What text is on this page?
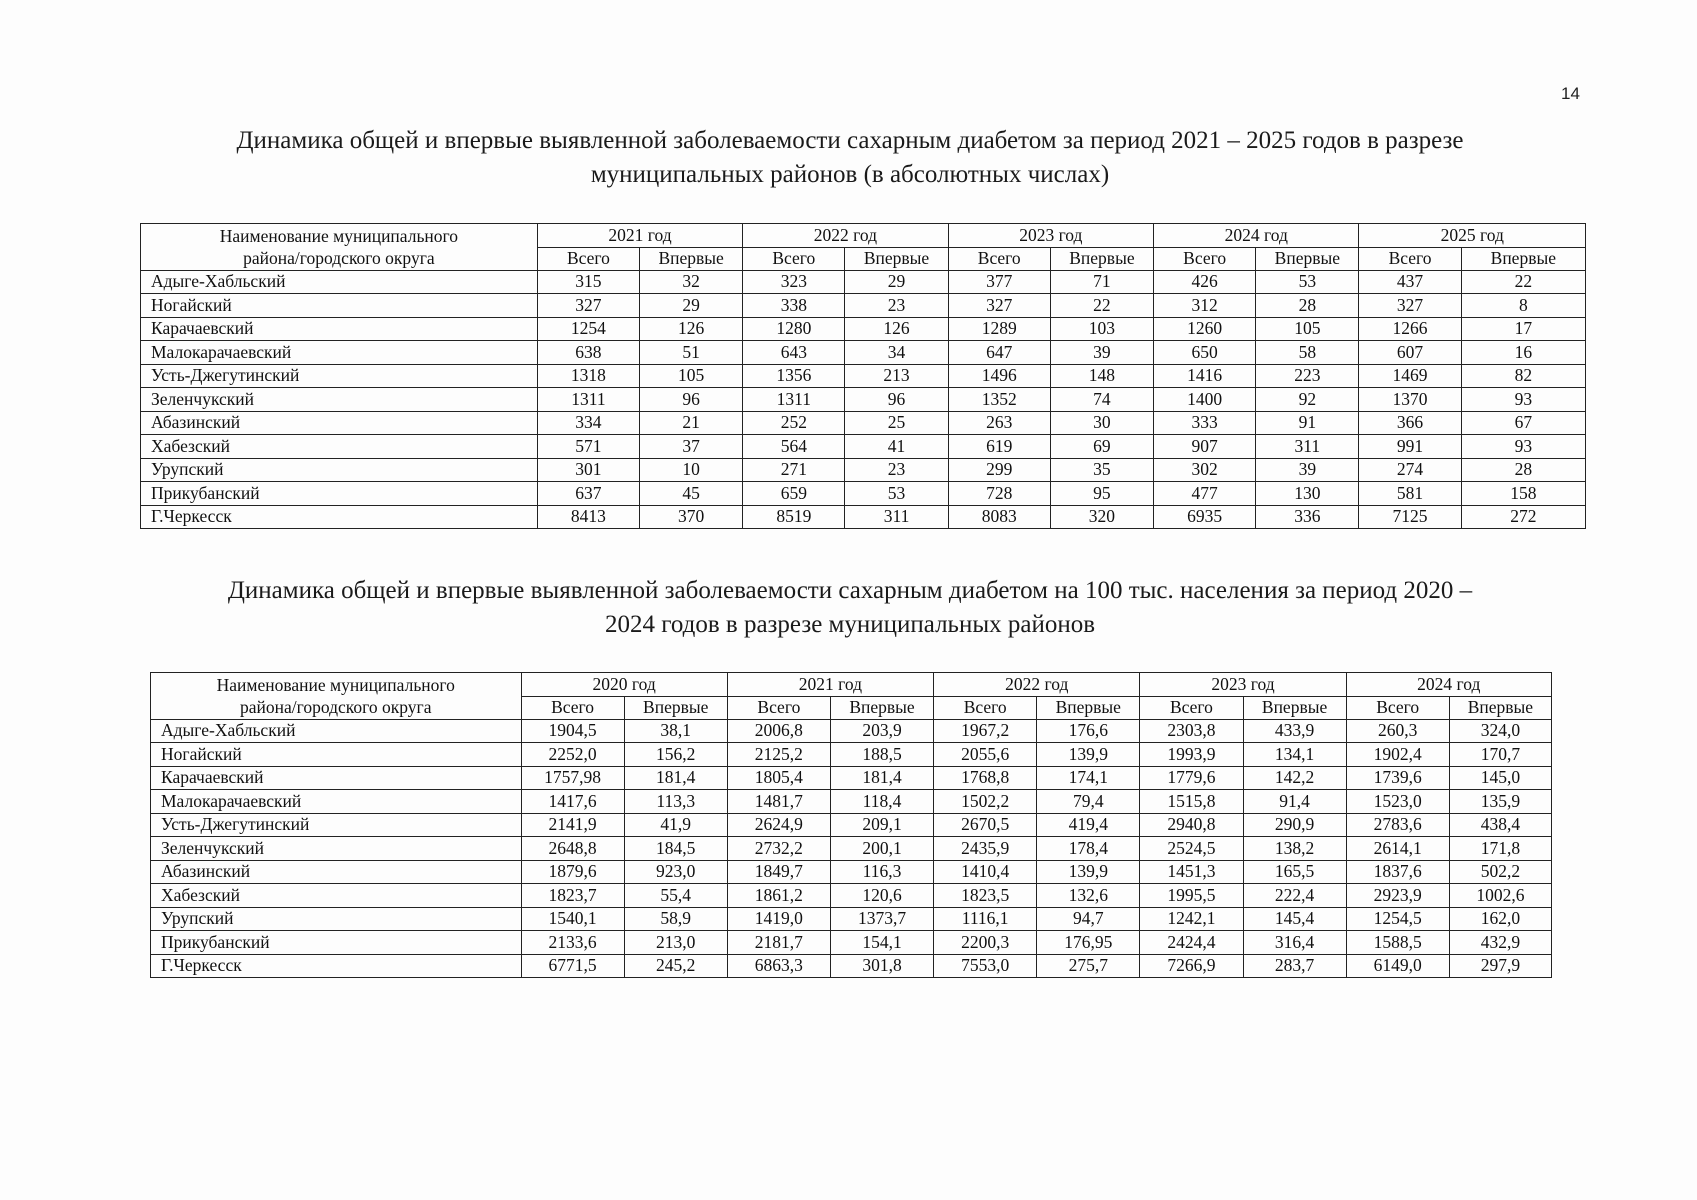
14
Динамика общей и впервые выявленной заболеваемости сахарным диабетом за период 2021 – 2025 годов в разрезе
муниципальных районов (в абсолютных числах)
Наименование муниципального	2021 год		2022 год		2023 год		2024 год		2025 год	
района/городского округа	Всего	Впервые	Всего	Впервые	Всего	Впервые	Всего	Впервые	Всего	Впервые
Адыге-Хабльский	315	32	323	29	377	71	426	53	437	22
Ногайский	327	29	338	23	327	22	312	28	327	8
Карачаевский	1254	126	1280	126	1289	103	1260	105	1266	17
Малокарачаевский	638	51	643	34	647	39	650	58	607	16
Усть-Джегутинский	1318	105	1356	213	1496	148	1416	223	1469	82
Зеленчукский	1311	96	1311	96	1352	74	1400	92	1370	93
Абазинский	334	21	252	25	263	30	333	91	366	67
Хабезский	571	37	564	41	619	69	907	311	991	93
Урупский	301	10	271	23	299	35	302	39	274	28
Прикубанский	637	45	659	53	728	95	477	130	581	158
Г.Черкесск	8413	370	8519	311	8083	320	6935	336	7125	272
Динамика общей и впервые выявленной заболеваемости сахарным диабетом на 100 тыс. населения за период 2020 –
2024 годов в разрезе муниципальных районов
Наименование муниципального	2020 год		2021 год		2022 год		2023 год		2024 год	
района/городского округа	Всего	Впервые	Всего	Впервые	Всего	Впервые	Всего	Впервые	Всего	Впервые
Адыге-Хабльский	1904,5	38,1	2006,8	203,9	1967,2	176,6	2303,8	433,9	260,3	324,0
Ногайский	2252,0	156,2	2125,2	188,5	2055,6	139,9	1993,9	134,1	1902,4	170,7
Карачаевский	1757,98	181,4	1805,4	181,4	1768,8	174,1	1779,6	142,2	1739,6	145,0
Малокарачаевский	1417,6	113,3	1481,7	118,4	1502,2	79,4	1515,8	91,4	1523,0	135,9
Усть-Джегутинский	2141,9	41,9	2624,9	209,1	2670,5	419,4	2940,8	290,9	2783,6	438,4
Зеленчукский	2648,8	184,5	2732,2	200,1	2435,9	178,4	2524,5	138,2	2614,1	171,8
Абазинский	1879,6	923,0	1849,7	116,3	1410,4	139,9	1451,3	165,5	1837,6	502,2
Хабезский	1823,7	55,4	1861,2	120,6	1823,5	132,6	1995,5	222,4	2923,9	1002,6
Урупский	1540,1	58,9	1419,0	1373,7	1116,1	94,7	1242,1	145,4	1254,5	162,0
Прикубанский	2133,6	213,0	2181,7	154,1	2200,3	176,95	2424,4	316,4	1588,5	432,9
Г.Черкесск	6771,5	245,2	6863,3	301,8	7553,0	275,7	7266,9	283,7	6149,0	297,9
